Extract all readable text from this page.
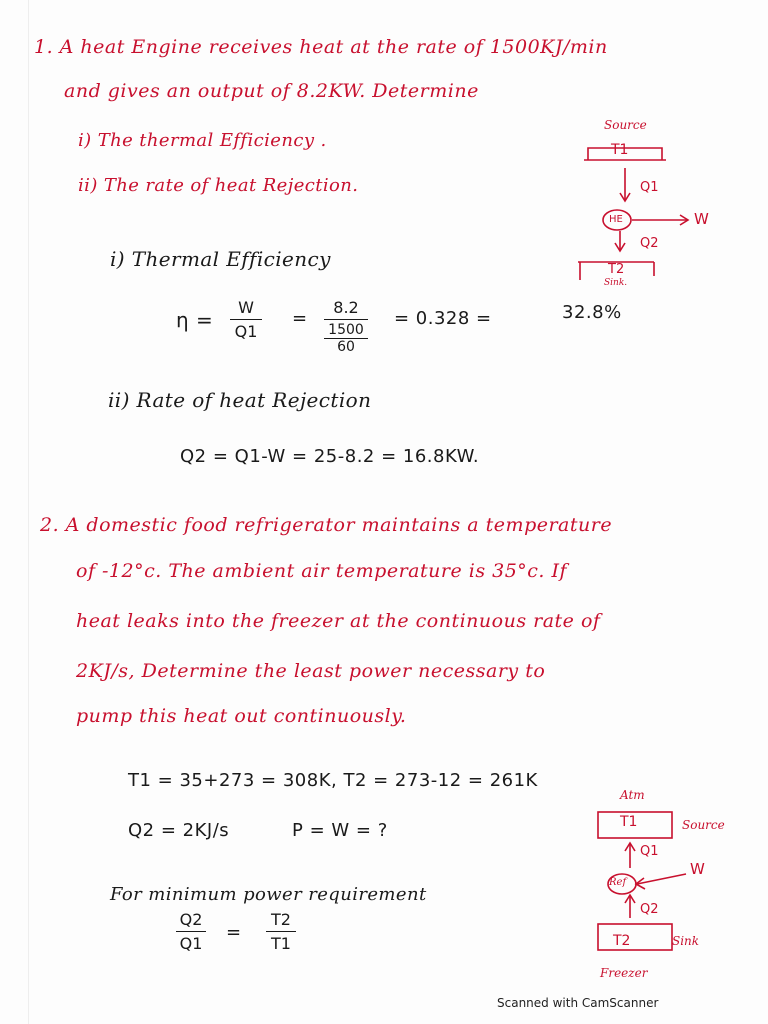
1. A heat Engine receives heat at the rate of 1500KJ/min
and gives an output of 8.2KW. Determine
i) The thermal Efficiency .
ii) The rate of heat Rejection.
Source
T1
Q1
HE	W
Q2
T2
Sink.
i) Thermal Efficiency
$\eta = \frac{W}{Q1} = 8.2$
1500
60 = 0.328 =	32.8%
ii) Rate of heat Rejection
Q2 = Q1-W = 25-8.2 = 16.8KW.
2. A domestic food refrigerator maintains a temperature
of -12°c. The ambient air temperature is 35°c. If
heat leaks into the freezer at the continuous rate of
2KJ/s, Determine the least power necessary to
pump this heat out continuously.
T1 = 35+273 = 308K, T2 = 273-12 = 261K
Q2 = 2KJ/s	P = W = ?
For minimum power requirement
$\frac{Q2}{Q1} = \frac{T2}{T1}$
Atm
T1	Source
Q1
Ref
W
Q2
T2	Sink
Freezer
Scanned with CamScanner
